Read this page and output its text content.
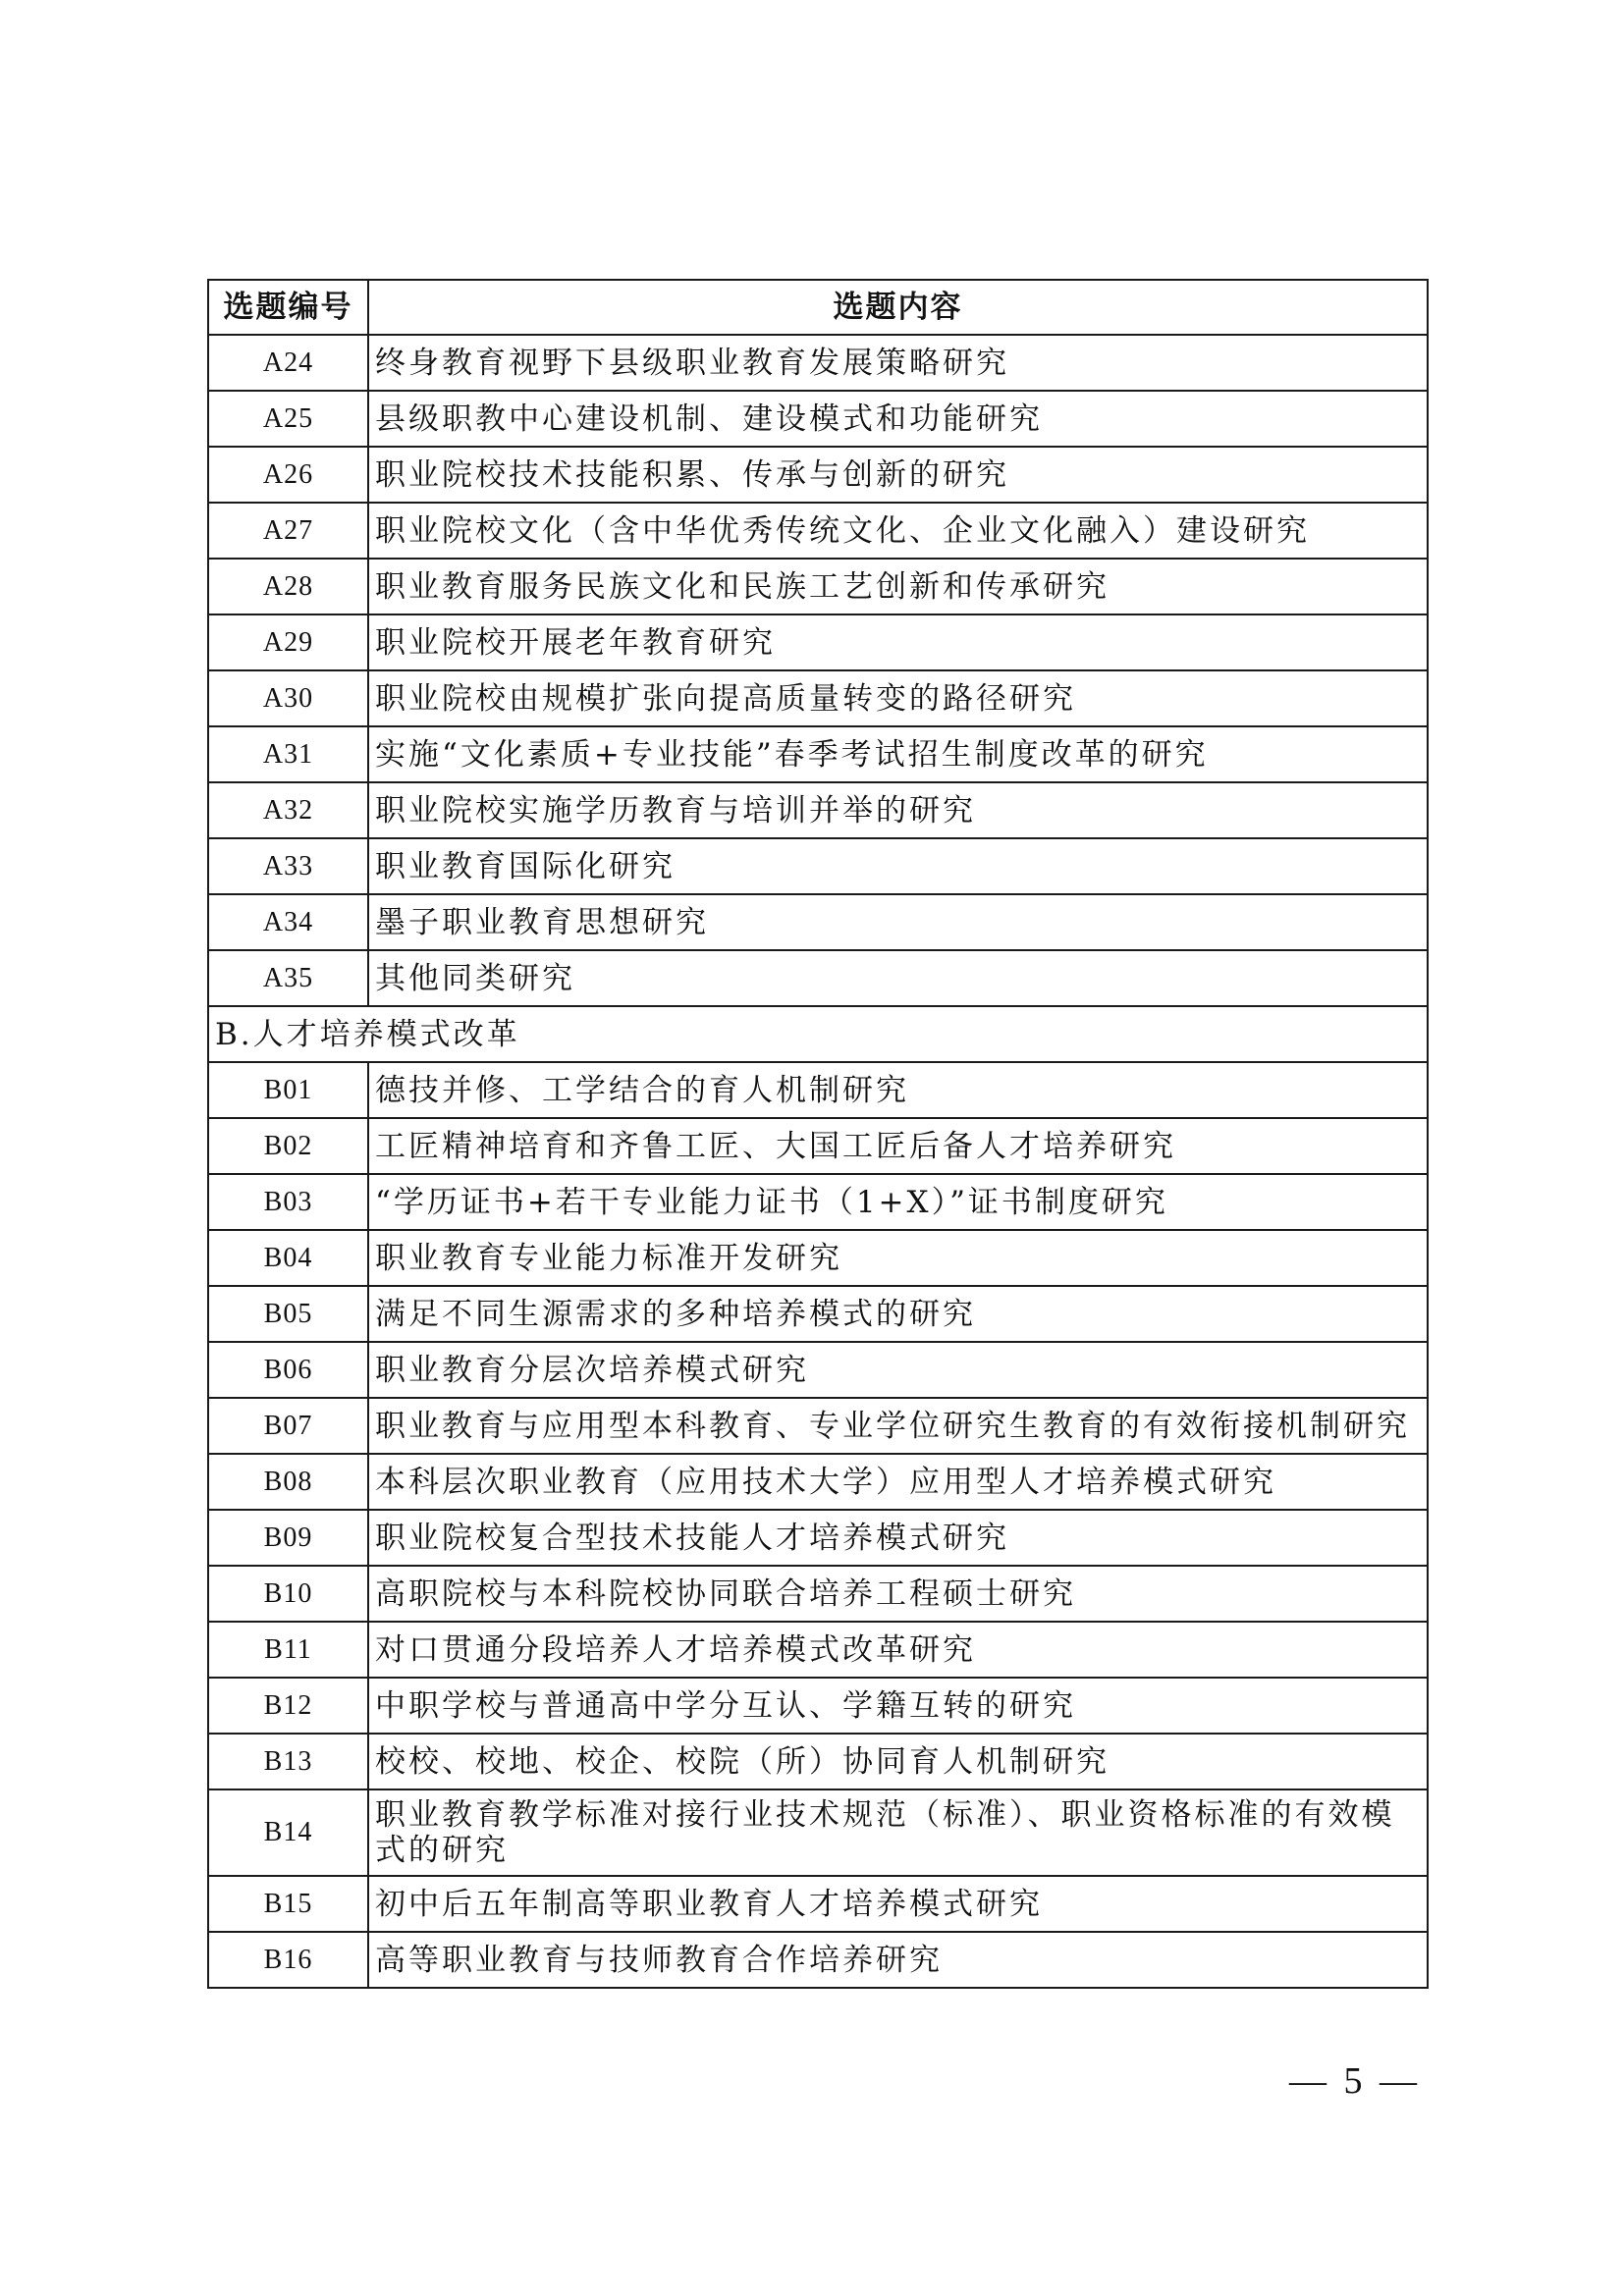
选题编号	选题内容
A24	终身教育视野下县级职业教育发展策略研究
A25	县级职教中心建设机制、建设模式和功能研究
A26	职业院校技术技能积累、传承与创新的研究
A27	职业院校文化（含中华优秀传统文化、企业文化融入）建设研究
A28	职业教育服务民族文化和民族工艺创新和传承研究
A29	职业院校开展老年教育研究
A30	职业院校由规模扩张向提高质量转变的路径研究
A31	实施“文化素质+专业技能”春季考试招生制度改革的研究
A32	职业院校实施学历教育与培训并举的研究
A33	职业教育国际化研究
A34	墨子职业教育思想研究
A35	其他同类研究
B.人才培养模式改革	
B01	德技并修、工学结合的育人机制研究
B02	工匠精神培育和齐鲁工匠、大国工匠后备人才培养研究
B03	“学历证书+若干专业能力证书（1+X）”证书制度研究
B04	职业教育专业能力标准开发研究
B05	满足不同生源需求的多种培养模式的研究
B06	职业教育分层次培养模式研究
B07	职业教育与应用型本科教育、专业学位研究生教育的有效衔接机制研究
B08	本科层次职业教育（应用技术大学）应用型人才培养模式研究
B09	职业院校复合型技术技能人才培养模式研究
B10	高职院校与本科院校协同联合培养工程硕士研究
B11	对口贯通分段培养人才培养模式改革研究
B12	中职学校与普通高中学分互认、学籍互转的研究
B13	校校、校地、校企、校院（所）协同育人机制研究
B14	职业教育教学标准对接行业技术规范（标准）、职业资格标准的有效模式的研究
B15	初中后五年制高等职业教育人才培养模式研究
B16	高等职业教育与技师教育合作培养研究
— 5 —
